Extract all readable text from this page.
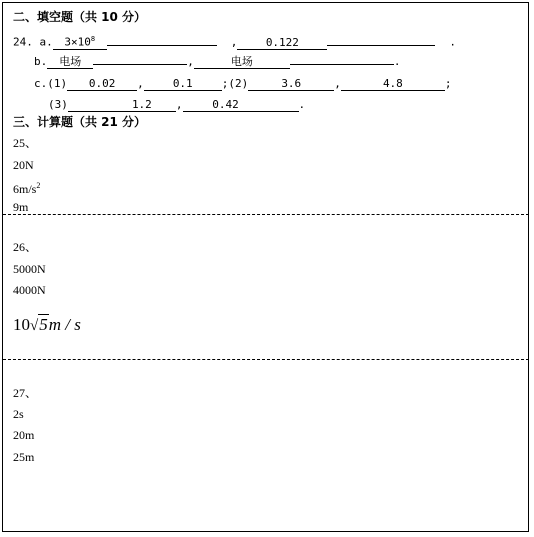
二、填空题（共 10 分）
24. a. $3\times 10^8$	,	0.122	.
b. 电场	,	电场	.
c.(1) 0.02 ,	0.1	;(2)	3.6	,	4.8	;
(3)	1.2 ,	0.42	.
三、计算题（共 21 分）
25、
20N
$6m/s^2$
9m
26、
5000N
4000N
10√5m / s
27、
2s
20m
25m
